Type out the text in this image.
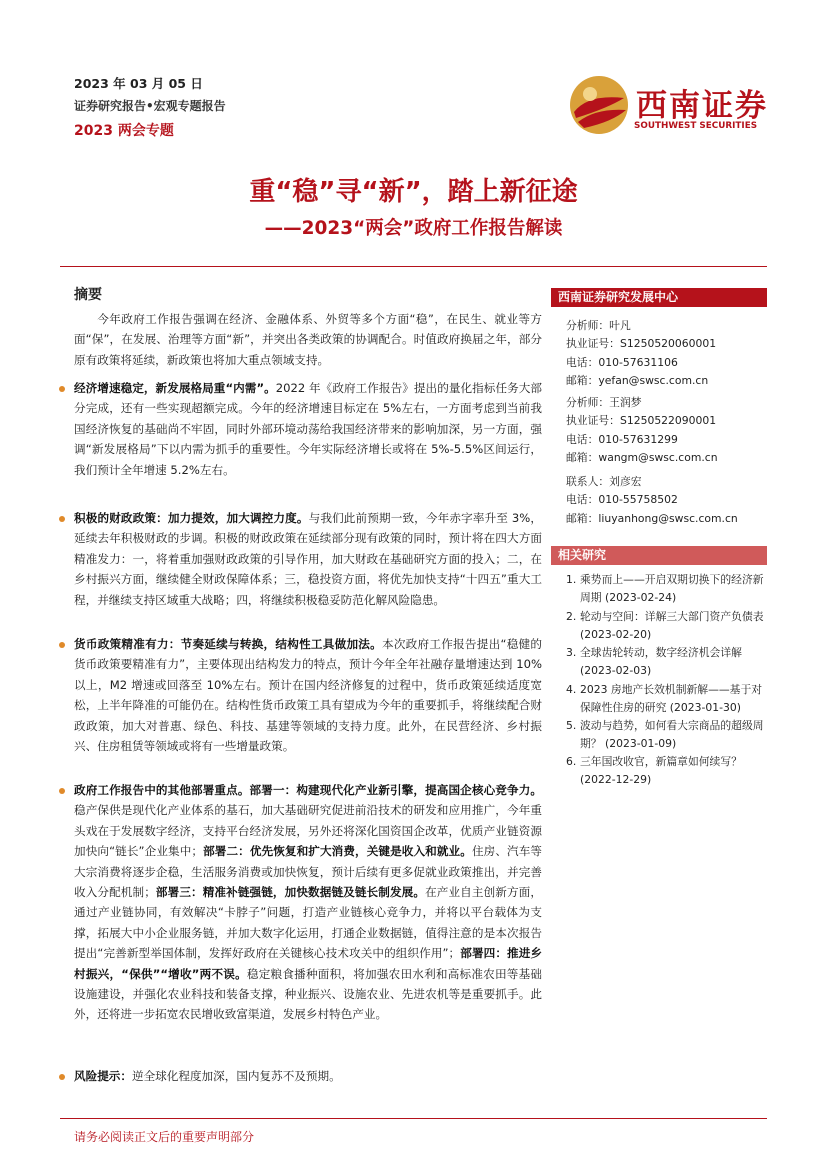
2023 年 03 月 05 日
证券研究报告•宏观专题报告
2023 两会专题
西南证券
SOUTHWEST SECURITIES
重“稳”寻“新”，踏上新征途
——2023“两会”政府工作报告解读
摘要
今年政府工作报告强调在经济、金融体系、外贸等多个方面“稳”，在民生、就业等方面“保”，在发展、治理等方面“新”，并突出各类政策的协调配合。时值政府换届之年，部分原有政策将延续，新政策也将加大重点领域支持。
经济增速稳定，新发展格局重“内需”。2022 年《政府工作报告》提出的量化指标任务大部分完成，还有一些实现超额完成。今年的经济增速目标定在 5%左右，一方面考虑到当前我国经济恢复的基础尚不牢固，同时外部环境动荡给我国经济带来的影响加深，另一方面，强调“新发展格局”下以内需为抓手的重要性。今年实际经济增长或将在 5%-5.5%区间运行，我们预计全年增速 5.2%左右。
积极的财政政策：加力提效，加大调控力度。与我们此前预期一致，今年赤字率升至 3%，延续去年积极财政的步调。积极的财政政策在延续部分现有政策的同时，预计将在四大方面精准发力：一，将着重加强财政政策的引导作用，加大财政在基础研究方面的投入；二，在乡村振兴方面，继续健全财政保障体系；三，稳投资方面，将优先加快支持“十四五”重大工程，并继续支持区域重大战略；四，将继续积极稳妥防范化解风险隐患。
货币政策精准有力：节奏延续与转换，结构性工具做加法。本次政府工作报告提出“稳健的货币政策要精准有力”，主要体现出结构发力的特点，预计今年全年社融存量增速达到 10%以上，M2 增速或回落至 10%左右。预计在国内经济修复的过程中，货币政策延续适度宽松，上半年降准的可能仍在。结构性货币政策工具有望成为今年的重要抓手，将继续配合财政政策，加大对普惠、绿色、科技、基建等领域的支持力度。此外，在民营经济、乡村振兴、住房租赁等领域或将有一些增量政策。
政府工作报告中的其他部署重点。部署一：构建现代化产业新引擎，提高国企核心竞争力。稳产保供是现代化产业体系的基石，加大基础研究促进前沿技术的研发和应用推广，今年重头戏在于发展数字经济，支持平台经济发展，另外还将深化国资国企改革，优质产业链资源加快向“链长”企业集中；部署二：优先恢复和扩大消费，关键是收入和就业。住房、汽车等大宗消费将逐步企稳，生活服务消费或加快恢复，预计后续有更多促就业政策推出，并完善收入分配机制；部署三：精准补链强链，加快数据链及链长制发展。在产业自主创新方面，通过产业链协同，有效解决“卡脖子”问题，打造产业链核心竞争力，并将以平台载体为支撑，拓展大中小企业服务链，并加大数字化运用，打通企业数据链，值得注意的是本次报告提出“完善新型举国体制，发挥好政府在关键核心技术攻关中的组织作用”；部署四：推进乡村振兴，“保供”“增收”两不误。稳定粮食播种面积，将加强农田水利和高标准农田等基础设施建设，并强化农业科技和装备支撑，种业振兴、设施农业、先进农机等是重要抓手。此外，还将进一步拓宽农民增收致富渠道，发展乡村特色产业。
风险提示：逆全球化程度加深，国内复苏不及预期。
西南证券研究发展中心
分析师：叶凡
执业证号：S1250520060001
电话：010-57631106
邮箱：yefan@swsc.com.cn
分析师：王润梦
执业证号：S1250522090001
电话：010-57631299
邮箱：wangm@swsc.com.cn
联系人：刘彦宏
电话：010-55758502
邮箱：liuyanhong@swsc.com.cn
相关研究
1. 乘势而上——开启双期切换下的经济新周期 (2023-02-24)
2. 轮动与空间：详解三大部门资产负债表 (2023-02-20)
3. 全球齿轮转动，数字经济机会详解 (2023-02-03)
4. 2023 房地产长效机制新解——基于对保障性住房的研究 (2023-01-30)
5. 波动与趋势，如何看大宗商品的超级周期？ (2023-01-09)
6. 三年国改收官，新篇章如何续写？ (2022-12-29)
请务必阅读正文后的重要声明部分
